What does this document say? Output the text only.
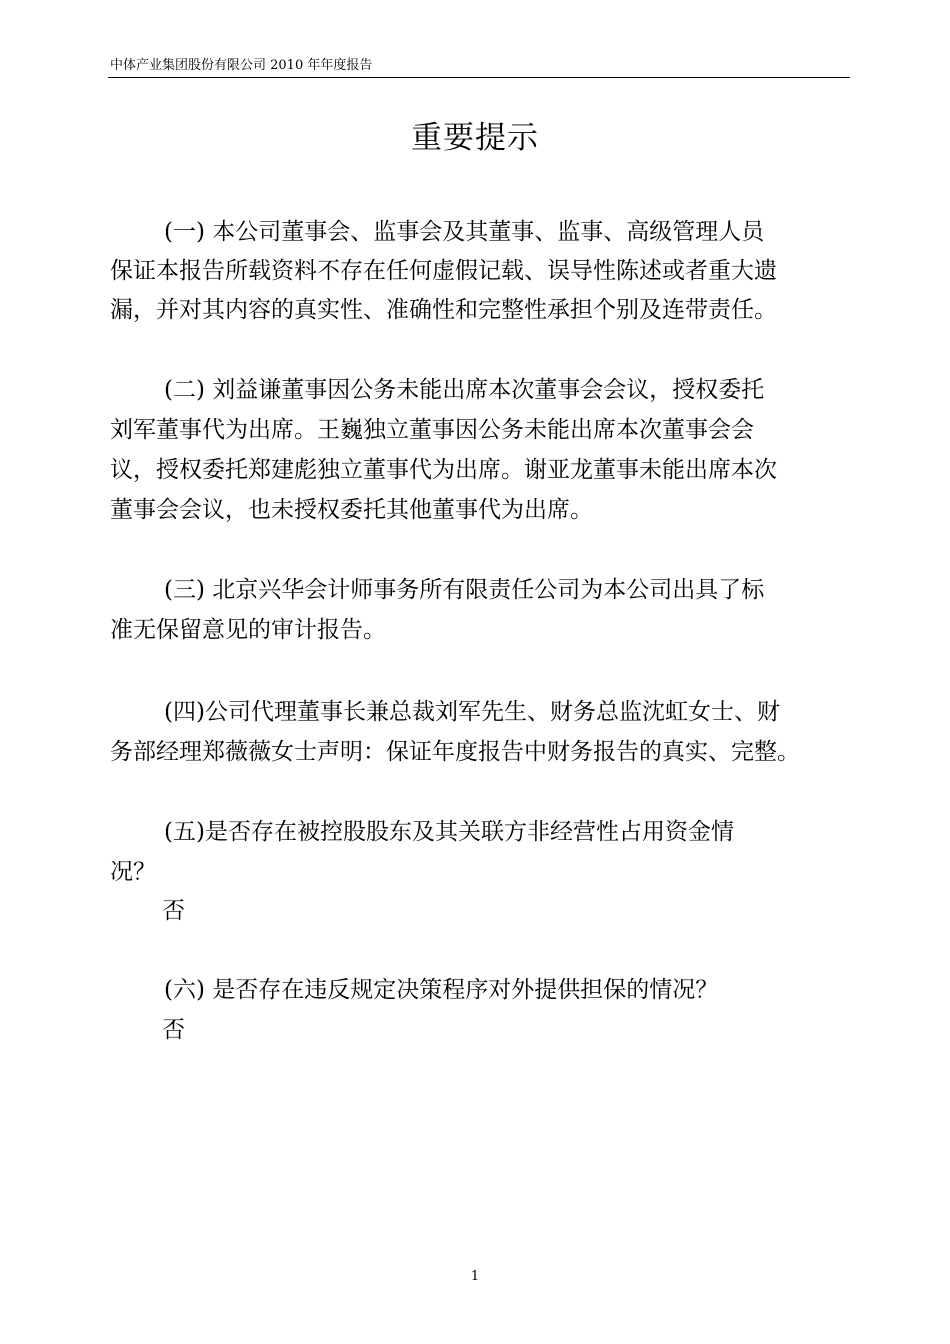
中体产业集团股份有限公司 2010 年年度报告
重要提示
(一) 本公司董事会、监事会及其董事、监事、高级管理人员
保证本报告所载资料不存在任何虚假记载、误导性陈述或者重大遗
漏，并对其内容的真实性、准确性和完整性承担个别及连带责任。
(二) 刘益谦董事因公务未能出席本次董事会会议，授权委托
刘军董事代为出席。王巍独立董事因公务未能出席本次董事会会
议，授权委托郑建彪独立董事代为出席。谢亚龙董事未能出席本次
董事会会议，也未授权委托其他董事代为出席。
(三) 北京兴华会计师事务所有限责任公司为本公司出具了标
准无保留意见的审计报告。
(四)公司代理董事长兼总裁刘军先生、财务总监沈虹女士、财
务部经理郑薇薇女士声明：保证年度报告中财务报告的真实、完整。
(五)是否存在被控股股东及其关联方非经营性占用资金情
况？
否
(六) 是否存在违反规定决策程序对外提供担保的情况？
否
1
